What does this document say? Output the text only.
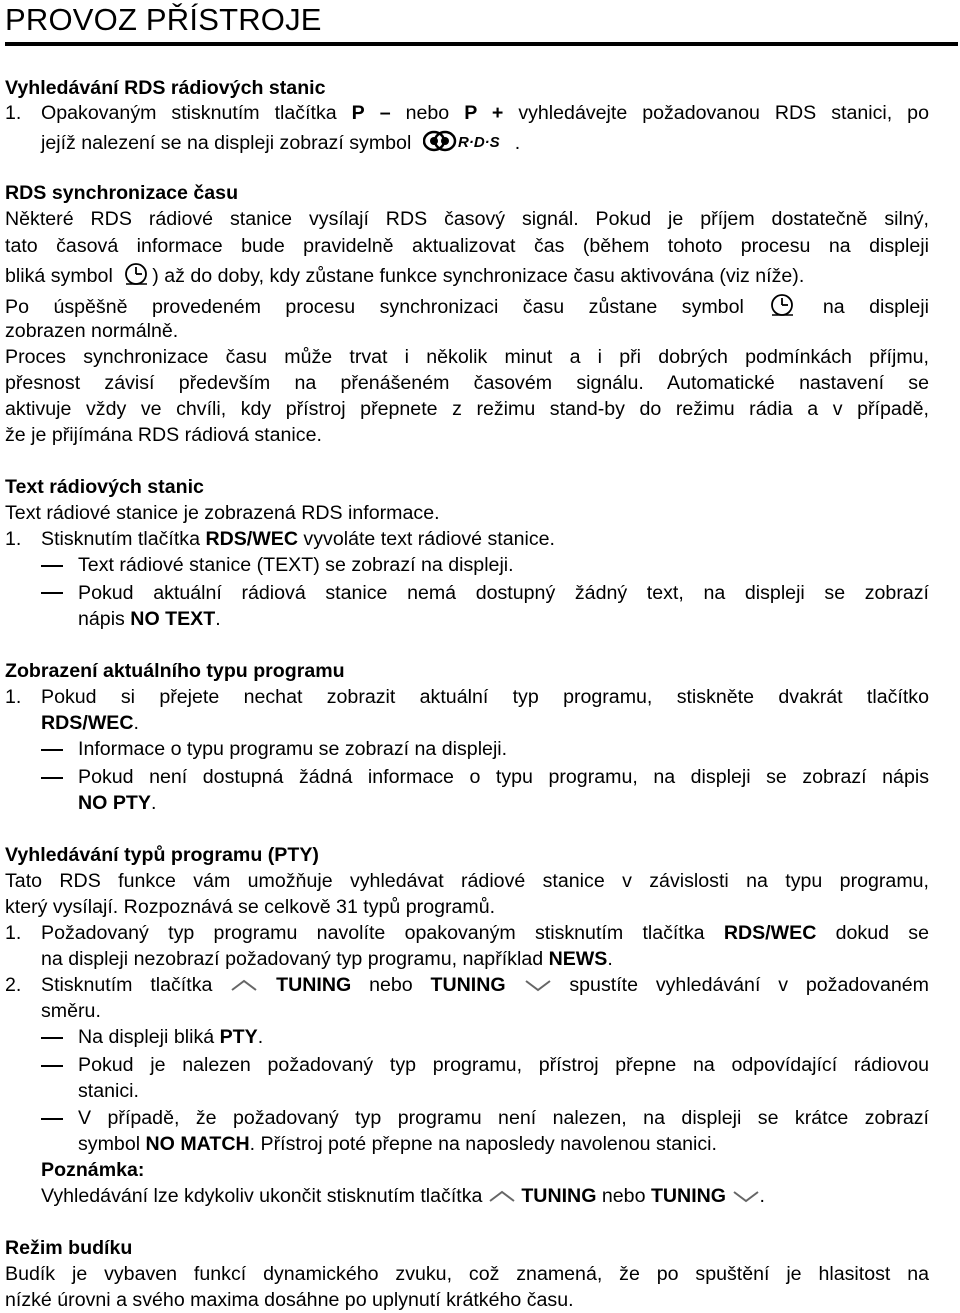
PROVOZ PŘÍSTROJE
Vyhledávání RDS rádiových stanic
1. Opakovaným stisknutím tlačítka P – nebo P + vyhledávejte požadovanou RDS stanici, po
jejíž nalezení se na displeji zobrazí symbol	R·D·S .
RDS synchronizace času
Některé RDS rádiové stanice vysílají RDS časový signál. Pokud je příjem dostatečně silný,
tato časová informace bude pravidelně aktualizovat čas (během tohoto procesu na displeji
bliká symbol ) až do doby, kdy zůstane funkce synchronizace času aktivována (viz níže).
Po úspěšně provedeném procesu synchronizaci času zůstane symbol	na displeji
zobrazen normálně.
Proces synchronizace času může trvat i několik minut a i při dobrých podmínkách příjmu,
přesnost závisí především na přenášeném časovém signálu. Automatické nastavení se
aktivuje vždy ve chvíli, kdy přístroj přepnete z režimu stand-by do režimu rádia a v případě,
že je přijímána RDS rádiová stanice.
Text rádiových stanic
Text rádiové stanice je zobrazená RDS informace.
1. Stisknutím tlačítka RDS/WEC vyvoláte text rádiové stanice.
Text rádiové stanice (TEXT) se zobrazí na displeji.
Pokud aktuální rádiová stanice nemá dostupný žádný text, na displeji se zobrazí
nápis NO TEXT.
Zobrazení aktuálního typu programu
1. Pokud si přejete nechat zobrazit aktuální typ programu, stiskněte dvakrát tlačítko
RDS/WEC.
Informace o typu programu se zobrazí na displeji.
Pokud není dostupná žádná informace o typu programu, na displeji se zobrazí nápis
NO PTY.
Vyhledávání typů programu (PTY)
Tato RDS funkce vám umožňuje vyhledávat rádiové stanice v závislosti na typu programu,
který vysílají. Rozpoznává se celkově 31 typů programů.
1. Požadovaný typ programu navolíte opakovaným stisknutím tlačítka RDS/WEC dokud se
na displeji nezobrazí požadovaný typ programu, například NEWS.
2. Stisknutím tlačítka	TUNING nebo TUNING	spustíte vyhledávání v požadovaném
směru.
Na displeji bliká PTY.
Pokud je nalezen požadovaný typ programu, přístroj přepne na odpovídající rádiovou
stanici.
V případě, že požadovaný typ programu není nalezen, na displeji se krátce zobrazí
symbol NO MATCH. Přístroj poté přepne na naposledy navolenou stanici.
Poznámka:
Vyhledávání lze kdykoliv ukončit stisknutím tlačítka TUNING nebo TUNING .
Režim budíku
Budík je vybaven funkcí dynamického zvuku, což znamená, že po spuštění je hlasitost na
nízké úrovni a svého maxima dosáhne po uplynutí krátkého času.
